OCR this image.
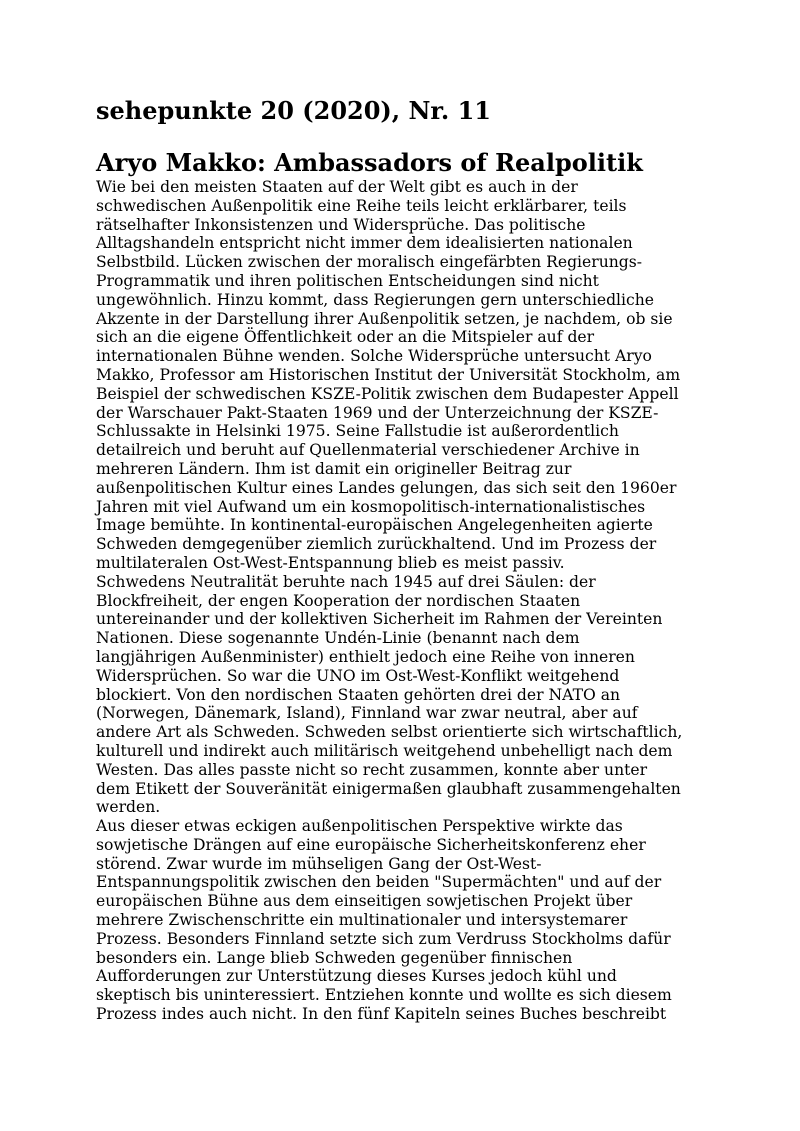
sehepunkte 20 (2020), Nr. 11
Aryo Makko: Ambassadors of Realpolitik

Wie bei den meisten Staaten auf der Welt gibt es auch in der
schwedischen Außenpolitik eine Reihe teils leicht erklärbarer, teils
rätselhafter Inkonsistenzen und Widersprüche. Das politische
Alltagshandeln entspricht nicht immer dem idealisierten nationalen
Selbstbild. Lücken zwischen der moralisch eingefärbten Regierungs-
Programmatik und ihren politischen Entscheidungen sind nicht
ungewöhnlich. Hinzu kommt, dass Regierungen gern unterschiedliche
Akzente in der Darstellung ihrer Außenpolitik setzen, je nachdem, ob sie
sich an die eigene Öffentlichkeit oder an die Mitspieler auf der
internationalen Bühne wenden. Solche Widersprüche untersucht Aryo
Makko, Professor am Historischen Institut der Universität Stockholm, am
Beispiel der schwedischen KSZE-Politik zwischen dem Budapester Appell
der Warschauer Pakt-Staaten 1969 und der Unterzeichnung der KSZE-
Schlussakte in Helsinki 1975. Seine Fallstudie ist außerordentlich
detailreich und beruht auf Quellenmaterial verschiedener Archive in
mehreren Ländern. Ihm ist damit ein origineller Beitrag zur
außenpolitischen Kultur eines Landes gelungen, das sich seit den 1960er
Jahren mit viel Aufwand um ein kosmopolitisch-internationalistisches
Image bemühte. In kontinental-europäischen Angelegenheiten agierte
Schweden demgegenüber ziemlich zurückhaltend. Und im Prozess der
multilateralen Ost-West-Entspannung blieb es meist passiv.

Schwedens Neutralität beruhte nach 1945 auf drei Säulen: der
Blockfreiheit, der engen Kooperation der nordischen Staaten
untereinander und der kollektiven Sicherheit im Rahmen der Vereinten
Nationen. Diese sogenannte Undén-Linie (benannt nach dem
langjährigen Außenminister) enthielt jedoch eine Reihe von inneren
Widersprüchen. So war die UNO im Ost-West-Konflikt weitgehend
blockiert. Von den nordischen Staaten gehörten drei der NATO an
(Norwegen, Dänemark, Island), Finnland war zwar neutral, aber auf
andere Art als Schweden. Schweden selbst orientierte sich wirtschaftlich,
kulturell und indirekt auch militärisch weitgehend unbehelligt nach dem
Westen. Das alles passte nicht so recht zusammen, konnte aber unter
dem Etikett der Souveränität einigermaßen glaubhaft zusammengehalten
werden.

Aus dieser etwas eckigen außenpolitischen Perspektive wirkte das
sowjetische Drängen auf eine europäische Sicherheitskonferenz eher
störend. Zwar wurde im mühseligen Gang der Ost-West-
Entspannungspolitik zwischen den beiden "Supermächten" und auf der
europäischen Bühne aus dem einseitigen sowjetischen Projekt über
mehrere Zwischenschritte ein multinationaler und intersystemarer
Prozess. Besonders Finnland setzte sich zum Verdruss Stockholms dafür
besonders ein. Lange blieb Schweden gegenüber finnischen
Aufforderungen zur Unterstützung dieses Kurses jedoch kühl und
skeptisch bis uninteressiert. Entziehen konnte und wollte es sich diesem
Prozess indes auch nicht. In den fünf Kapiteln seines Buches beschreibt
